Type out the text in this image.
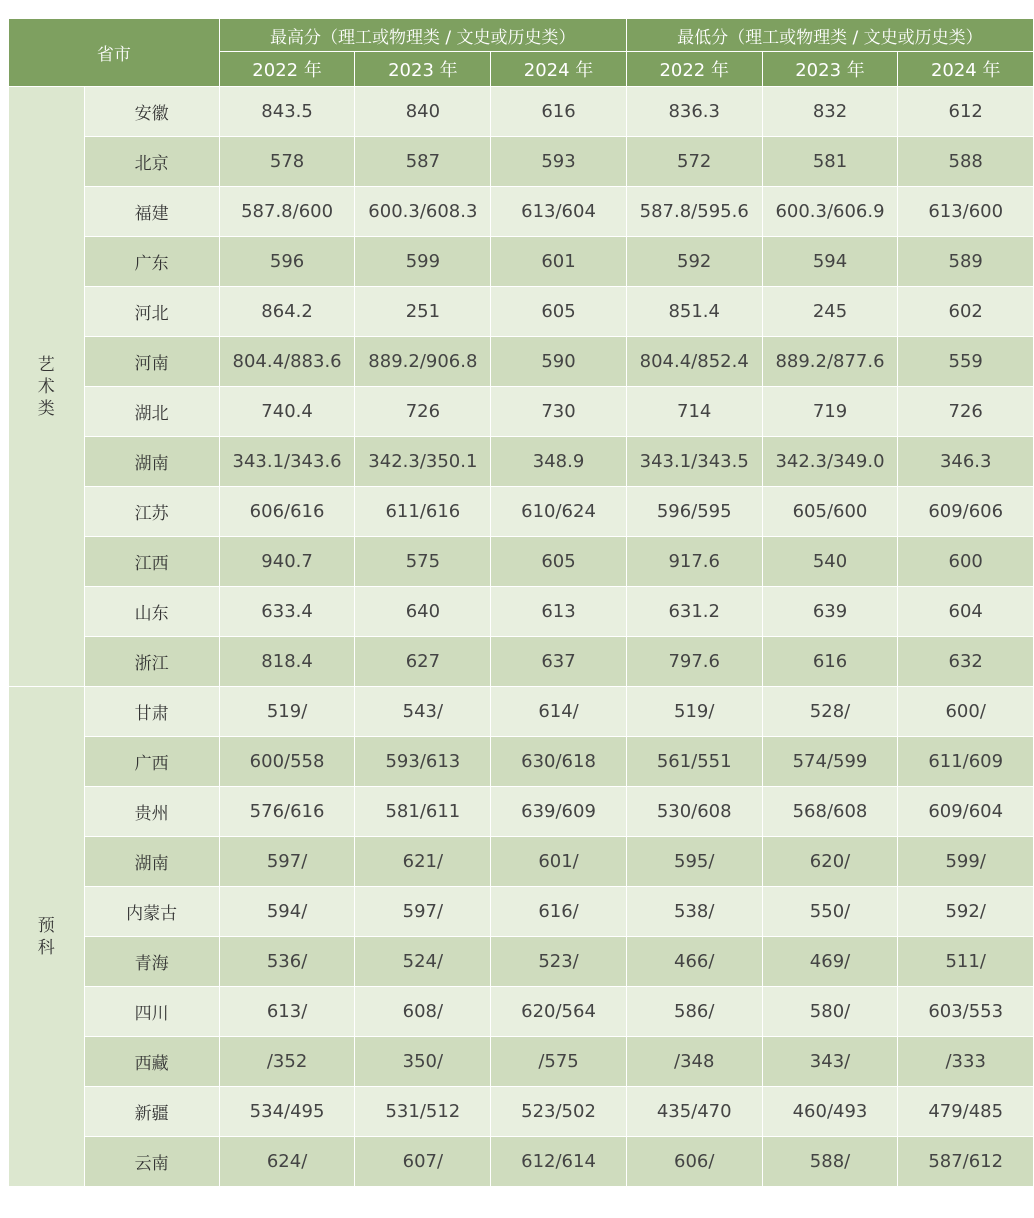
省市		最高分（理工或物理类 / 文史或历史类）			最低分（理工或物理类 / 文史或历史类）		
		2022 年	2023 年	2024 年	2022 年	2023 年	2024 年
艺术类	安徽	843.5	840	616	836.3	832	612
	北京	578	587	593	572	581	588
	福建	587.8/600	600.3/608.3	613/604	587.8/595.6	600.3/606.9	613/600
	广东	596	599	601	592	594	589
	河北	864.2	251	605	851.4	245	602
	河南	804.4/883.6	889.2/906.8	590	804.4/852.4	889.2/877.6	559
	湖北	740.4	726	730	714	719	726
	湖南	343.1/343.6	342.3/350.1	348.9	343.1/343.5	342.3/349.0	346.3
	江苏	606/616	611/616	610/624	596/595	605/600	609/606
	江西	940.7	575	605	917.6	540	600
	山东	633.4	640	613	631.2	639	604
	浙江	818.4	627	637	797.6	616	632
预科	甘肃	519/	543/	614/	519/	528/	600/
	广西	600/558	593/613	630/618	561/551	574/599	611/609
	贵州	576/616	581/611	639/609	530/608	568/608	609/604
	湖南	597/	621/	601/	595/	620/	599/
	内蒙古	594/	597/	616/	538/	550/	592/
	青海	536/	524/	523/	466/	469/	511/
	四川	613/	608/	620/564	586/	580/	603/553
	西藏	/352	350/	/575	/348	343/	/333
	新疆	534/495	531/512	523/502	435/470	460/493	479/485
	云南	624/	607/	612/614	606/	588/	587/612
